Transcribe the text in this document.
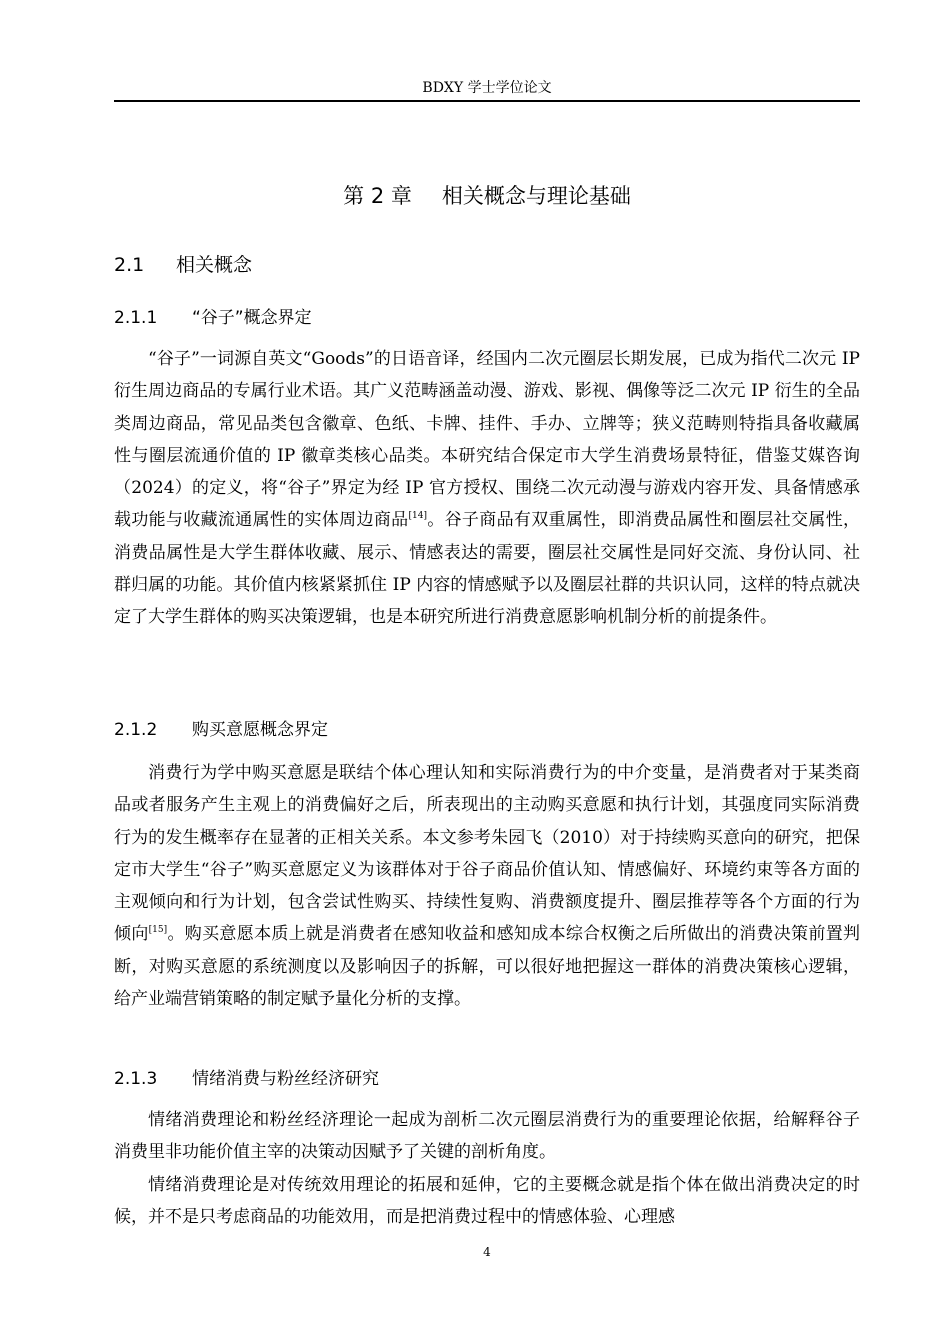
BDXY 学士学位论文
第 2 章 相关概念与理论基础
2.1 相关概念
2.1.1 “谷子”概念界定

“谷子”一词源自英文“Goods”的日语音译，经国内二次元圈层长期发展，已成为指代二次元 IP 衍生周边商品的专属行业术语。其广义范畴涵盖动漫、游戏、影视、偶像等泛二次元 IP 衍生的全品类周边商品，常见品类包含徽章、色纸、卡牌、挂件、手办、立牌等；狭义范畴则特指具备收藏属性与圈层流通价值的 IP 徽章类核心品类。本研究结合保定市大学生消费场景特征，借鉴艾媒咨询（2024）的定义，将“谷子”界定为经 IP 官方授权、围绕二次元动漫与游戏内容开发、具备情感承载功能与收藏流通属性的实体周边商品[14]。谷子商品有双重属性，即消费品属性和圈层社交属性，消费品属性是大学生群体收藏、展示、情感表达的需要，圈层社交属性是同好交流、身份认同、社群归属的功能。其价值内核紧紧抓住 IP 内容的情感赋予以及圈层社群的共识认同，这样的特点就决定了大学生群体的购买决策逻辑，也是本研究所进行消费意愿影响机制分析的前提条件。

2.1.2 购买意愿概念界定

消费行为学中购买意愿是联结个体心理认知和实际消费行为的中介变量，是消费者对于某类商品或者服务产生主观上的消费偏好之后，所表现出的主动购买意愿和执行计划，其强度同实际消费行为的发生概率存在显著的正相关关系。本文参考朱园飞（2010）对于持续购买意向的研究，把保定市大学生“谷子”购买意愿定义为该群体对于谷子商品价值认知、情感偏好、环境约束等各方面的主观倾向和行为计划，包含尝试性购买、持续性复购、消费额度提升、圈层推荐等各个方面的行为倾向[15]。购买意愿本质上就是消费者在感知收益和感知成本综合权衡之后所做出的消费决策前置判断，对购买意愿的系统测度以及影响因子的拆解，可以很好地把握这一群体的消费决策核心逻辑，给产业端营销策略的制定赋予量化分析的支撑。

2.1.3 情绪消费与粉丝经济研究

情绪消费理论和粉丝经济理论一起成为剖析二次元圈层消费行为的重要理论依据，给解释谷子消费里非功能价值主宰的决策动因赋予了关键的剖析角度。

情绪消费理论是对传统效用理论的拓展和延伸，它的主要概念就是指个体在做出消费决定的时候，并不是只考虑商品的功能效用，而是把消费过程中的情感体验、心理感

4
